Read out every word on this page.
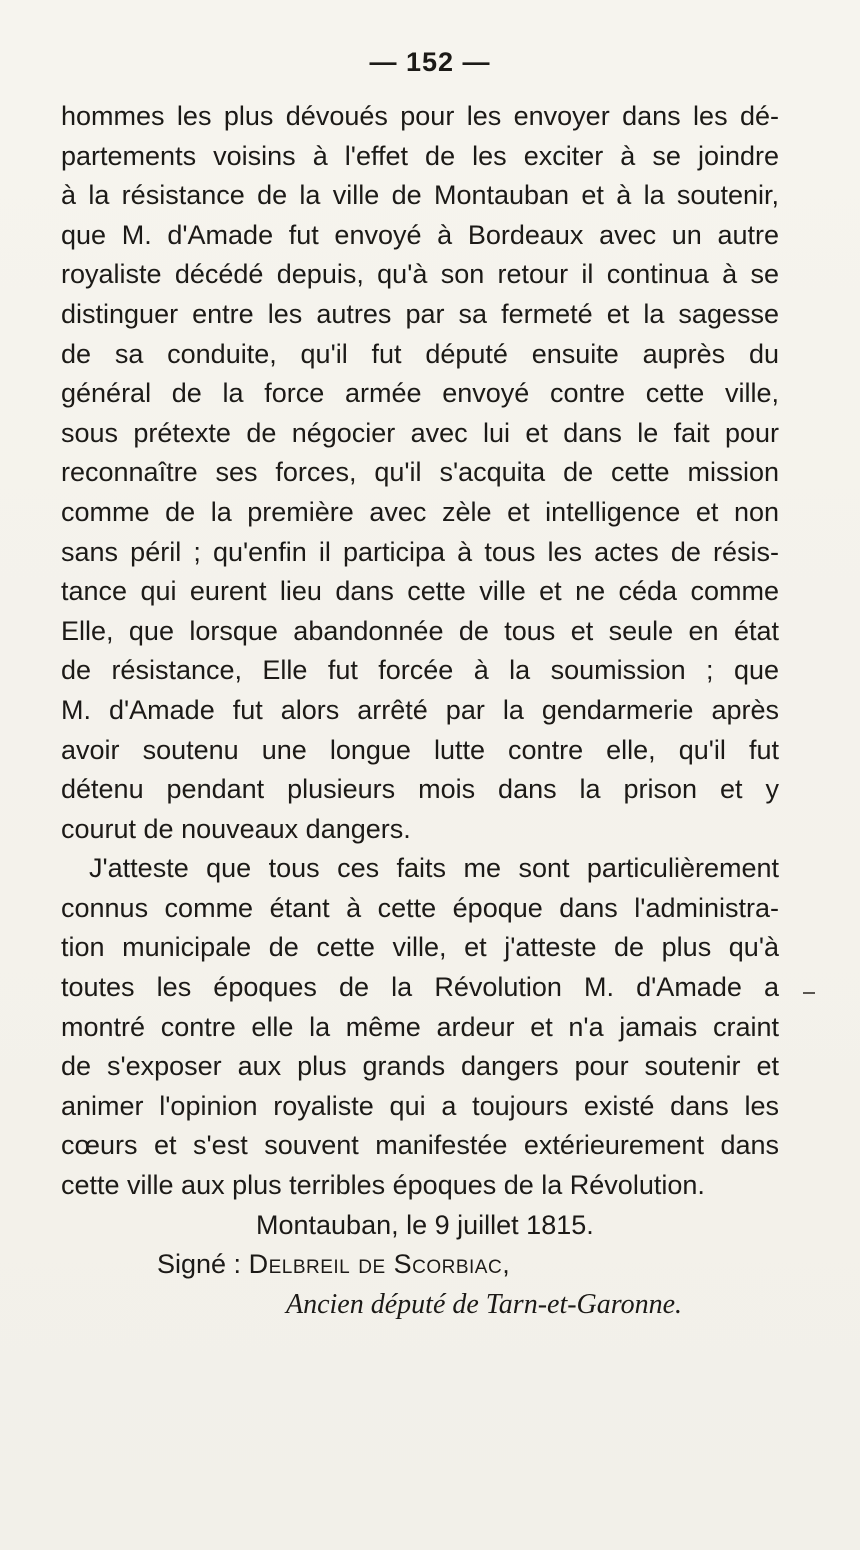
— 152 —
hommes les plus dévoués pour les envoyer dans les dé-
partements voisins à l'effet de les exciter à se joindre
à la résistance de la ville de Montauban et à la soutenir,
que M. d'Amade fut envoyé à Bordeaux avec un autre
royaliste décédé depuis, qu'à son retour il continua à se
distinguer entre les autres par sa fermeté et la sagesse
de sa conduite, qu'il fut député ensuite auprès du
général de la force armée envoyé contre cette ville,
sous prétexte de négocier avec lui et dans le fait pour
reconnaître ses forces, qu'il s'acquita de cette mission
comme de la première avec zèle et intelligence et non
sans péril ; qu'enfin il participa à tous les actes de résis-
tance qui eurent lieu dans cette ville et ne céda comme
Elle, que lorsque abandonnée de tous et seule en état
de résistance, Elle fut forcée à la soumission ; que
M. d'Amade fut alors arrêté par la gendarmerie après
avoir soutenu une longue lutte contre elle, qu'il fut
détenu pendant plusieurs mois dans la prison et y
courut de nouveaux dangers.
J'atteste que tous ces faits me sont particulièrement
connus comme étant à cette époque dans l'administra-
tion municipale de cette ville, et j'atteste de plus qu'à
toutes les époques de la Révolution M. d'Amade a
montré contre elle la même ardeur et n'a jamais craint
de s'exposer aux plus grands dangers pour soutenir et
animer l'opinion royaliste qui a toujours existé dans les
cœurs et s'est souvent manifestée extérieurement dans
cette ville aux plus terribles époques de la Révolution.
Montauban, le 9 juillet 1815.
Signé : Delbreil de Scorbiac,
Ancien député de Tarn-et-Garonne.
